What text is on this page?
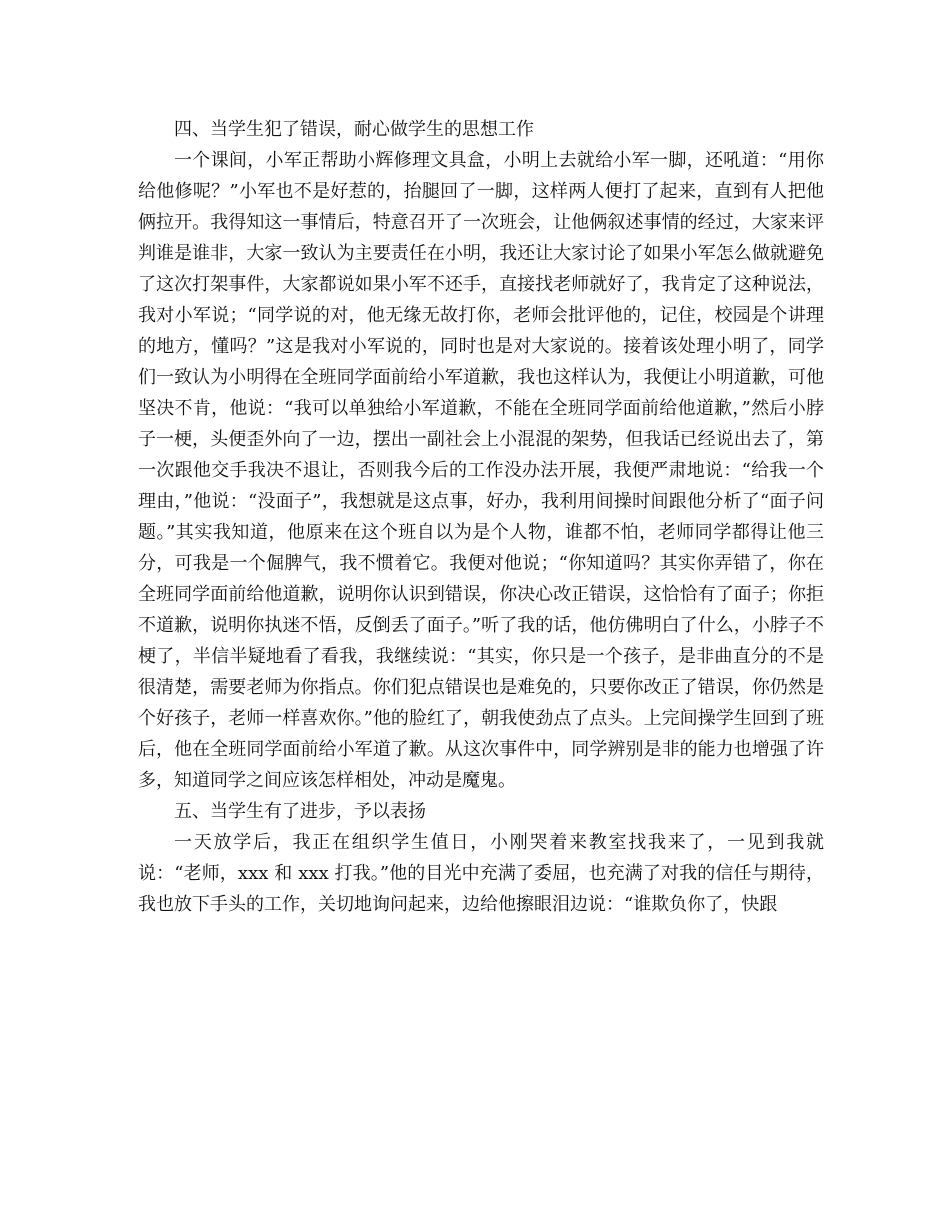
四、当学生犯了错误，耐心做学生的思想工作

一个课间，小军正帮助小辉修理文具盒，小明上去就给小军一脚，还吼道：“用你给他修呢？”小军也不是好惹的，抬腿回了一脚，这样两人便打了起来，直到有人把他俩拉开。我得知这一事情后，特意召开了一次班会，让他俩叙述事情的经过，大家来评判谁是谁非，大家一致认为主要责任在小明，我还让大家讨论了如果小军怎么做就避免了这次打架事件，大家都说如果小军不还手，直接找老师就好了，我肯定了这种说法，我对小军说；“同学说的对，他无缘无故打你，老师会批评他的，记住，校园是个讲理的地方，懂吗？”这是我对小军说的，同时也是对大家说的。接着该处理小明了，同学们一致认为小明得在全班同学面前给小军道歉，我也这样认为，我便让小明道歉，可他坚决不肯，他说：“我可以单独给小军道歉，不能在全班同学面前给他道歉，”然后小脖子一梗，头便歪外向了一边，摆出一副社会上小混混的架势，但我话已经说出去了，第一次跟他交手我决不退让，否则我今后的工作没办法开展，我便严肃地说：“给我一个理由，”他说：“没面子”，我想就是这点事，好办，我利用间操时间跟他分析了“面子问题。”其实我知道，他原来在这个班自以为是个人物，谁都不怕，老师同学都得让他三分，可我是一个倔脾气，我不惯着它。我便对他说；“你知道吗？其实你弄错了，你在全班同学面前给他道歉，说明你认识到错误，你决心改正错误，这恰恰有了面子；你拒不道歉，说明你执迷不悟，反倒丢了面子。”听了我的话，他仿佛明白了什么，小脖子不梗了，半信半疑地看了看我，我继续说：“其实，你只是一个孩子，是非曲直分的不是很清楚，需要老师为你指点。你们犯点错误也是难免的，只要你改正了错误，你仍然是个好孩子，老师一样喜欢你。”他的脸红了，朝我使劲点了点头。上完间操学生回到了班后，他在全班同学面前给小军道了歉。从这次事件中，同学辨别是非的能力也增强了许多，知道同学之间应该怎样相处，冲动是魔鬼。

五、当学生有了进步，予以表扬

一天放学后，我正在组织学生值日，小刚哭着来教室找我来了，一见到我就说：“老师，xxx 和 xxx 打我。”他的目光中充满了委屈，也充满了对我的信任与期待，我也放下手头的工作，关切地询问起来，边给他擦眼泪边说：“谁欺负你了，快跟
